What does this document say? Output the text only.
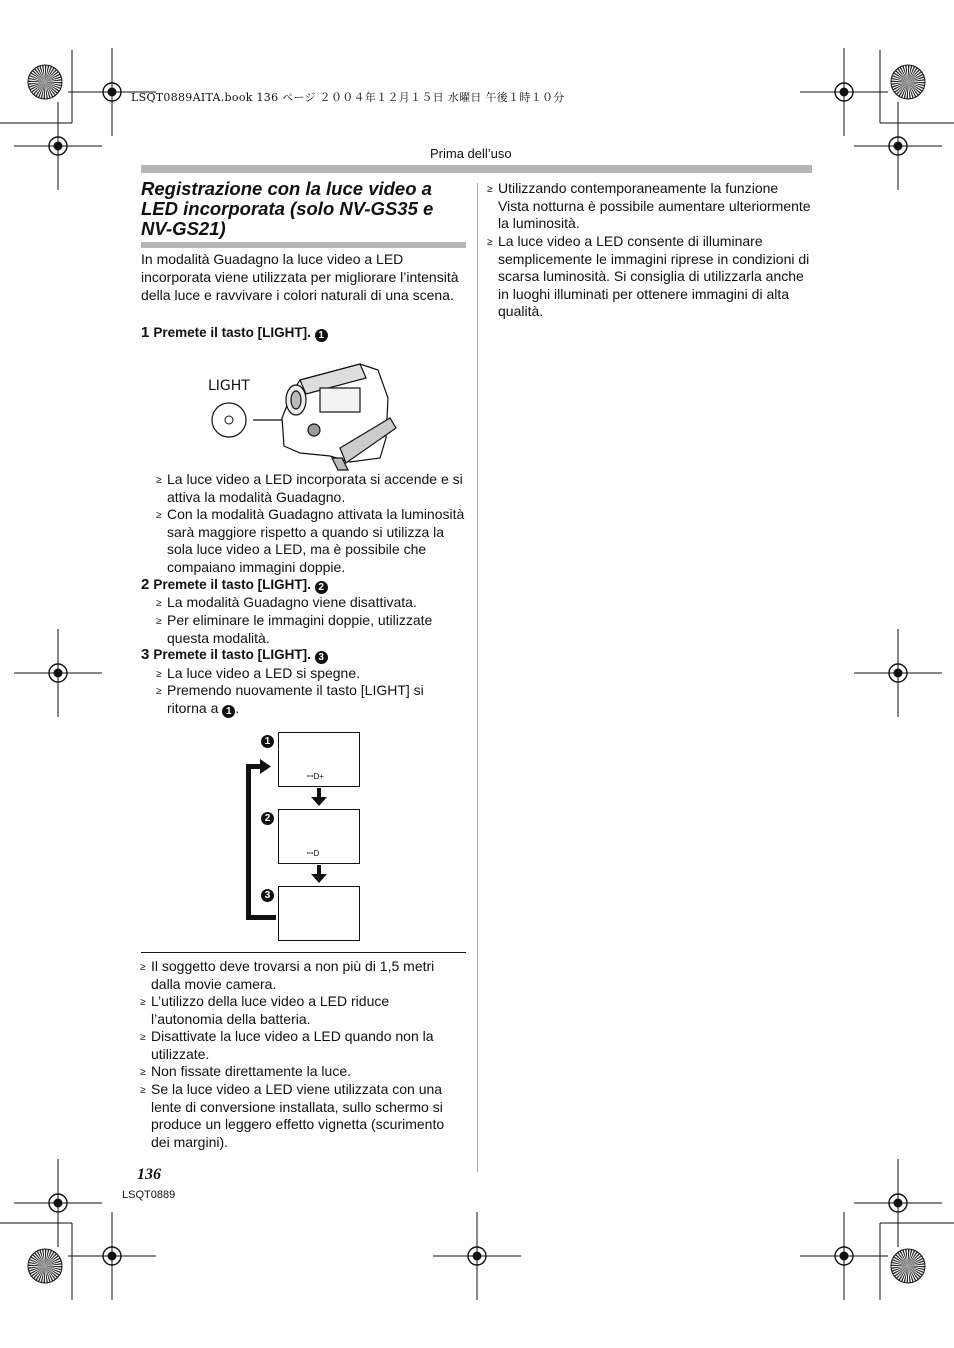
LSQT0889AITA.book 136 ページ ２００４年１２月１５日 水曜日 午後１時１０分
Prima dell’uso
Registrazione con la luce video a LED incorporata (solo NV-GS35 e NV-GS21)
In modalità Guadagno la luce video a LED incorporata viene utilizzata per migliorare l’intensità della luce e ravvivare i colori naturali di una scena.
1 Premete il tasto [LIGHT]. 1
LIGHT
≥ La luce video a LED incorporata si accende e si attiva la modalità Guadagno.
≥ Con la modalità Guadagno attivata la luminosità sarà maggiore rispetto a quando si utilizza la sola luce video a LED, ma è possibile che compaiano immagini doppie.
2 Premete il tasto [LIGHT]. 2
≥ La modalità Guadagno viene disattivata.
≥ Per eliminare le immagini doppie, utilizzate questa modalità.
3 Premete il tasto [LIGHT]. 3
≥ La luce video a LED si spegne.
≥ Premendo nuovamente il tasto [LIGHT] si ritorna a 1 .
1
2
3
ꟷD+
ꟷD
≥ Il soggetto deve trovarsi a non più di 1,5 metri dalla movie camera.
≥ L’utilizzo della luce video a LED riduce l’autonomia della batteria.
≥ Disattivate la luce video a LED quando non la utilizzate.
≥ Non fissate direttamente la luce.
≥ Se la luce video a LED viene utilizzata con una lente di conversione installata, sullo schermo si produce un leggero effetto vignetta (scurimento dei margini).
≥ Utilizzando contemporaneamente la funzione Vista notturna è possibile aumentare ulteriormente la luminosità.
≥ La luce video a LED consente di illuminare semplicemente le immagini riprese in condizioni di scarsa luminosità. Si consiglia di utilizzarla anche in luoghi illuminati per ottenere immagini di alta qualità.
136
LSQT0889
